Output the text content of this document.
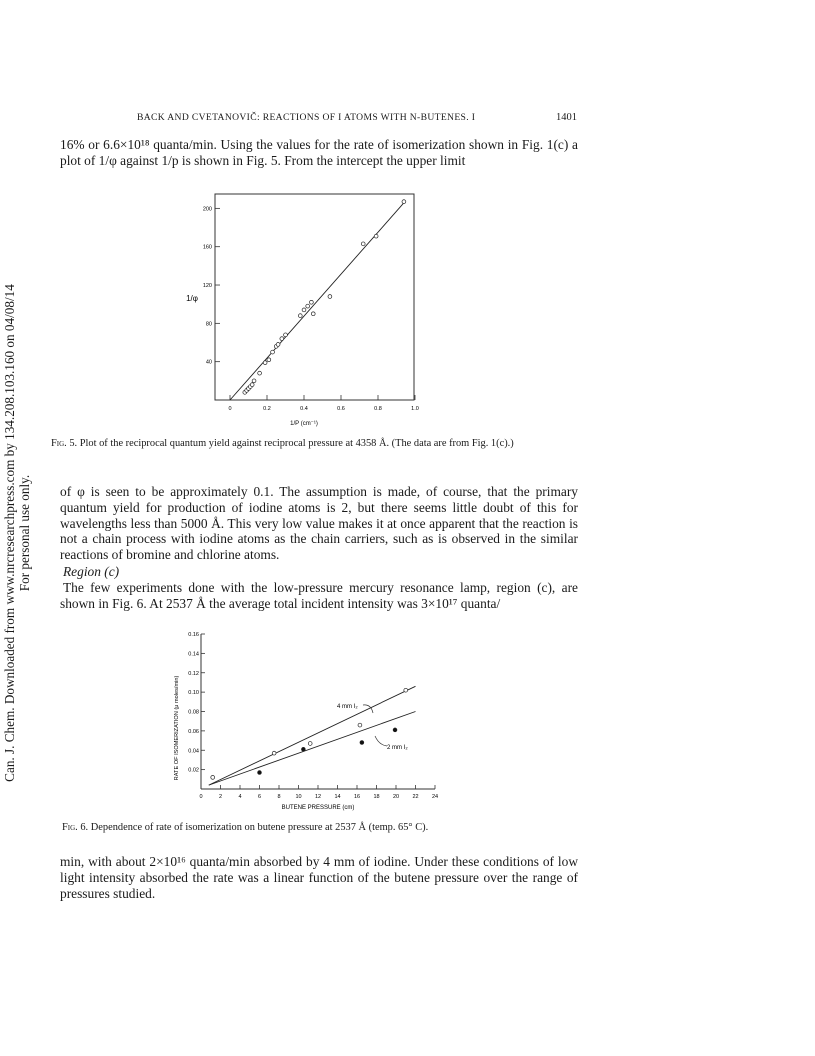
Can. J. Chem. Downloaded from www.nrcresearchpress.com by 134.208.103.160 on 04/08/14 For personal use only.
BACK AND CVETANOVIČ: REACTIONS OF I ATOMS WITH N-BUTENES. I	1401
16% or 6.6×10¹⁸ quanta/min. Using the values for the rate of isomerization shown in Fig. 1(c) a plot of 1/φ against 1/p is shown in Fig. 5. From the intercept the upper limit
40
80
120
160
200
0	0.2	0.4	0.6	0.8	1.0
1/φ
1/P (cm⁻¹)
Fig. 5. Plot of the reciprocal quantum yield against reciprocal pressure at 4358 Å. (The data are from Fig. 1(c).)
of φ is seen to be approximately 0.1. The assumption is made, of course, that the primary quantum yield for production of iodine atoms is 2, but there seems little doubt of this for wavelengths less than 5000 Å. This very low value makes it at once apparent that the reaction is not a chain process with iodine atoms as the chain carriers, such as is observed in the similar reactions of bromine and chlorine atoms.
Region (c)
The few experiments done with the low-pressure mercury resonance lamp, region (c), are shown in Fig. 6. At 2537 Å the average total incident intensity was 3×10¹⁷ quanta/
0.02
0.04
0.06
0.08
0.10
0.12
0.14
0.16
0	2	4	6	8	10 12 14 16 18 20 22 24
RATE OF ISOMERIZATION (μ moles/min)
BUTENE PRESSURE (cm)
4 mm I₂
2 mm I₂
Fig. 6. Dependence of rate of isomerization on butene pressure at 2537 Å (temp. 65° C).
min, with about 2×10¹⁶ quanta/min absorbed by 4 mm of iodine. Under these conditions of low light intensity absorbed the rate was a linear function of the butene pressure over the range of pressures studied.
